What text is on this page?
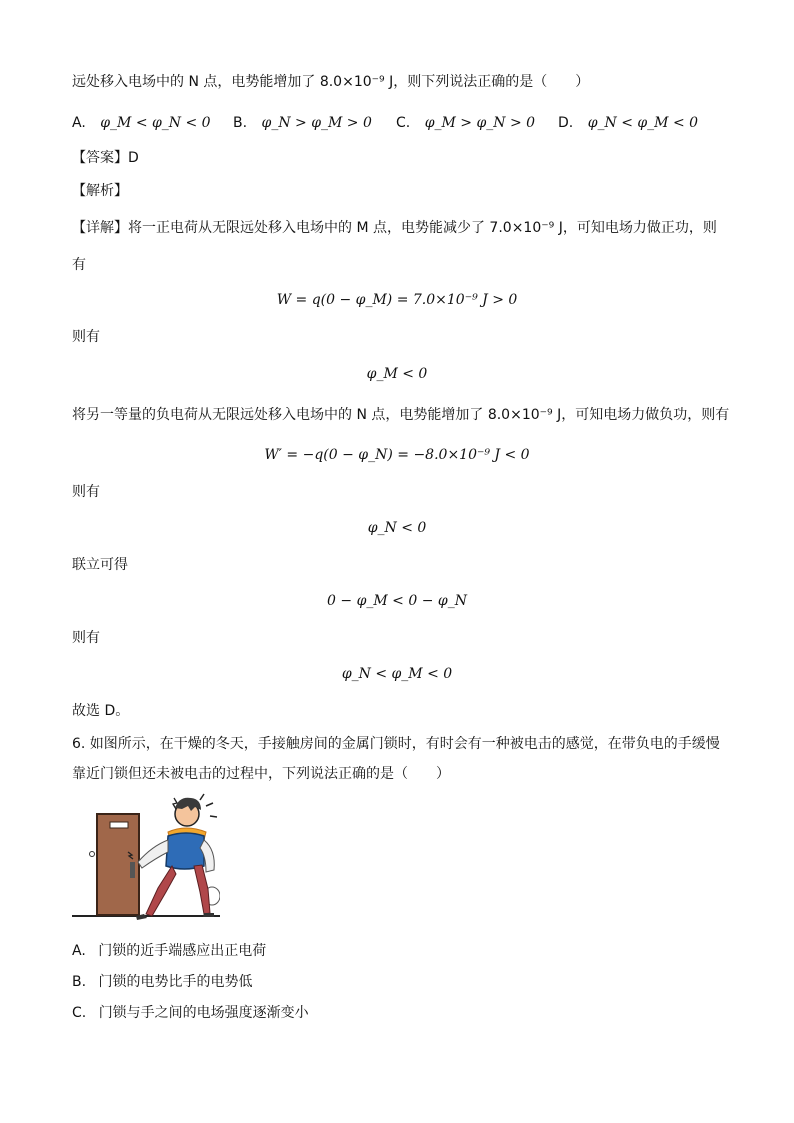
远处移入电场中的 N 点，电势能增加了 8.0×10⁻⁹ J，则下列说法正确的是（　　）
A. φ_M < φ_N < 0 B. φ_N > φ_M > 0 C. φ_M > φ_N > 0 D. φ_N < φ_M < 0
【答案】D
【解析】
【详解】将一正电荷从无限远处移入电场中的 M 点，电势能减少了 7.0×10⁻⁹ J，可知电场力做正功，则
有
W = q(0 − φ_M) = 7.0×10⁻⁹ J > 0
则有
φ_M < 0
将另一等量的负电荷从无限远处移入电场中的 N 点，电势能增加了 8.0×10⁻⁹ J，可知电场力做负功，则有
W′ = −q(0 − φ_N) = −8.0×10⁻⁹ J < 0
则有
φ_N < 0
联立可得
0 − φ_M < 0 − φ_N
则有
φ_N < φ_M < 0
故选 D。
6. 如图所示，在干燥的冬天，手接触房间的金属门锁时，有时会有一种被电击的感觉，在带负电的手缓慢
靠近门锁但还未被电击的过程中，下列说法正确的是（　　）
A. 门锁的近手端感应出正电荷
B. 门锁的电势比手的电势低
C. 门锁与手之间的电场强度逐渐变小
